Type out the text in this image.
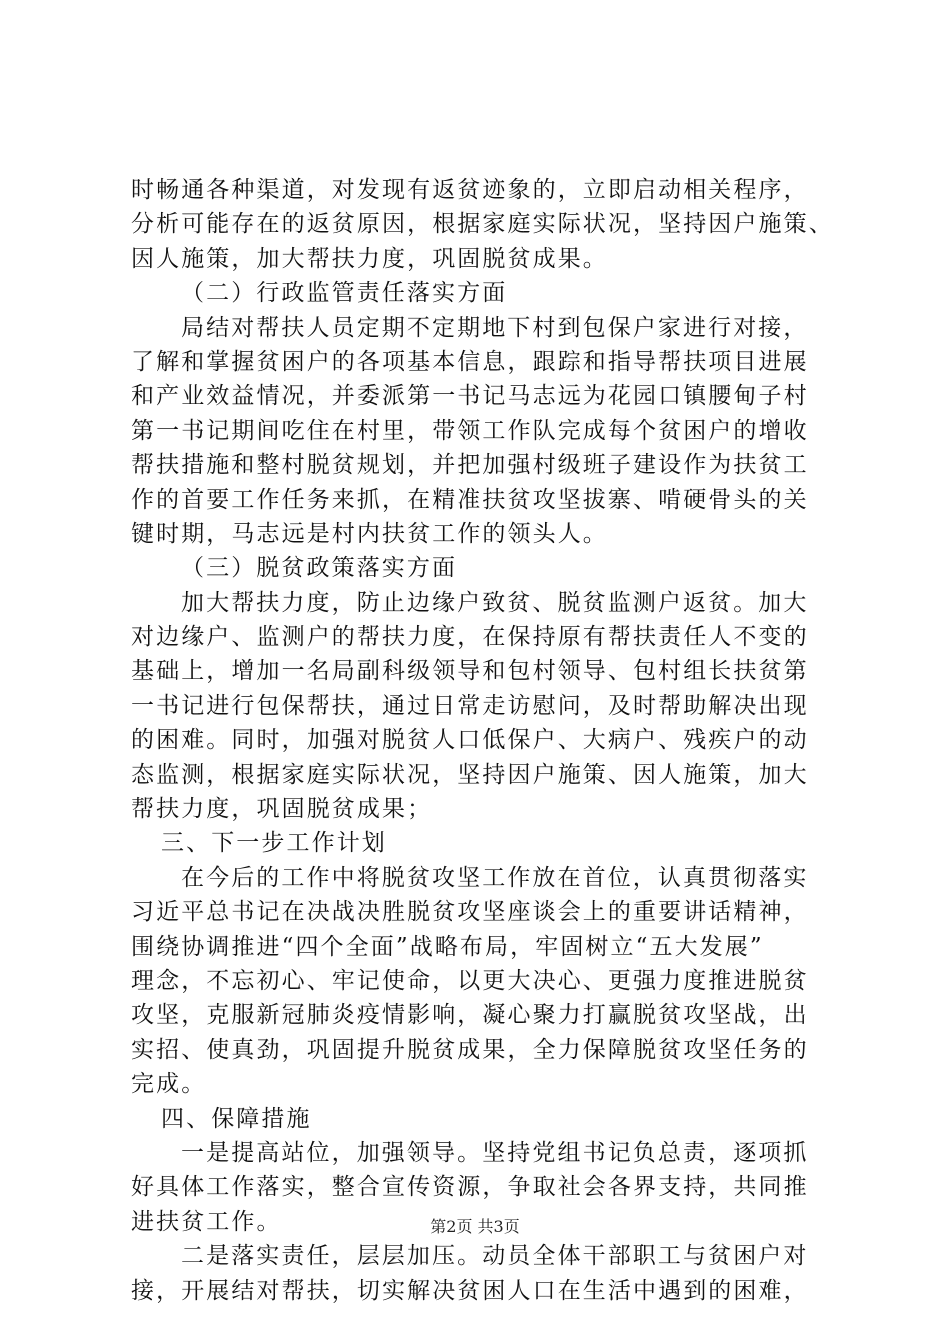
时畅通各种渠道，对发现有返贫迹象的，立即启动相关程序，
分析可能存在的返贫原因，根据家庭实际状况，坚持因户施策、
因人施策，加大帮扶力度，巩固脱贫成果。
（二）行政监管责任落实方面
局结对帮扶人员定期不定期地下村到包保户家进行对接，
了解和掌握贫困户的各项基本信息，跟踪和指导帮扶项目进展
和产业效益情况，并委派第一书记马志远为花园口镇腰甸子村
第一书记期间吃住在村里，带领工作队完成每个贫困户的增收
帮扶措施和整村脱贫规划，并把加强村级班子建设作为扶贫工
作的首要工作任务来抓，在精准扶贫攻坚拔寨、啃硬骨头的关
键时期，马志远是村内扶贫工作的领头人。
（三）脱贫政策落实方面
加大帮扶力度，防止边缘户致贫、脱贫监测户返贫。加大
对边缘户、监测户的帮扶力度，在保持原有帮扶责任人不变的
基础上，增加一名局副科级领导和包村领导、包村组长扶贫第
一书记进行包保帮扶，通过日常走访慰问，及时帮助解决出现
的困难。同时，加强对脱贫人口低保户、大病户、残疾户的动
态监测，根据家庭实际状况，坚持因户施策、因人施策，加大
帮扶力度，巩固脱贫成果；
三、下一步工作计划
在今后的工作中将脱贫攻坚工作放在首位，认真贯彻落实
习近平总书记在决战决胜脱贫攻坚座谈会上的重要讲话精神，
围绕协调推进“四个全面”战略布局，牢固树立“五大发展”
理念，不忘初心、牢记使命，以更大决心、更强力度推进脱贫
攻坚，克服新冠肺炎疫情影响，凝心聚力打赢脱贫攻坚战，出
实招、使真劲，巩固提升脱贫成果，全力保障脱贫攻坚任务的
完成。
四、保障措施
一是提高站位，加强领导。坚持党组书记负总责，逐项抓
好具体工作落实，整合宣传资源，争取社会各界支持，共同推
进扶贫工作。
二是落实责任，层层加压。动员全体干部职工与贫困户对
接，开展结对帮扶，切实解决贫困人口在生活中遇到的困难，
第2页 共3页
